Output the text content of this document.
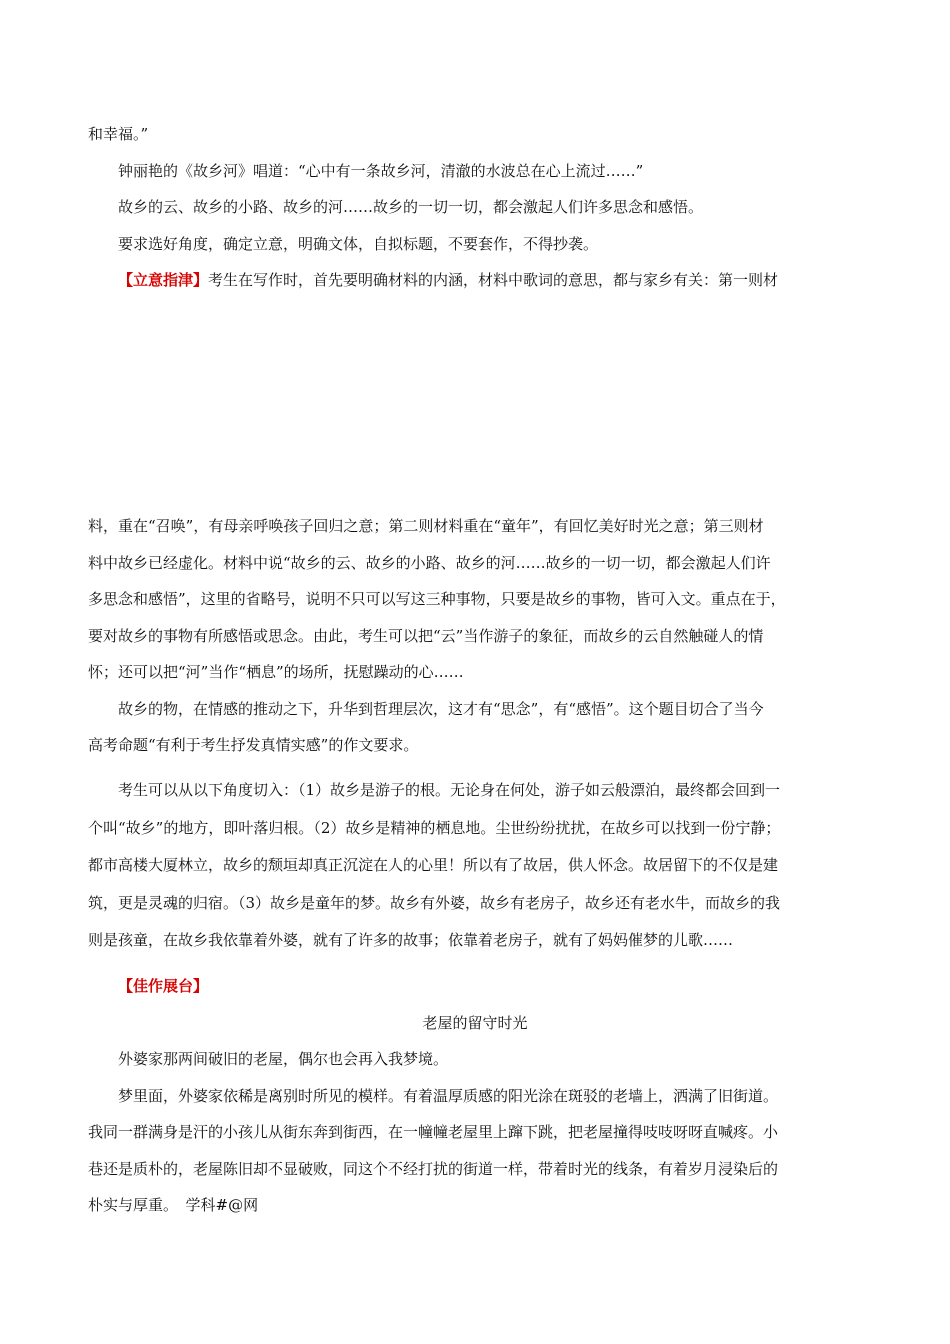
和幸福。”
钟丽艳的《故乡河》唱道：“心中有一条故乡河，清澈的水波总在心上流过……”
故乡的云、故乡的小路、故乡的河……故乡的一切一切，都会激起人们许多思念和感悟。
要求选好角度，确定立意，明确文体，自拟标题，不要套作，不得抄袭。
【立意指津】考生在写作时，首先要明确材料的内涵，材料中歌词的意思，都与家乡有关：第一则材
料，重在“召唤”，有母亲呼唤孩子回归之意；第二则材料重在“童年”，有回忆美好时光之意；第三则材
料中故乡已经虚化。材料中说“故乡的云、故乡的小路、故乡的河……故乡的一切一切，都会激起人们许
多思念和感悟”，这里的省略号，说明不只可以写这三种事物，只要是故乡的事物，皆可入文。重点在于，
要对故乡的事物有所感悟或思念。由此，考生可以把“云”当作游子的象征，而故乡的云自然触碰人的情
怀；还可以把“河”当作“栖息”的场所，抚慰躁动的心……
故乡的物，在情感的推动之下，升华到哲理层次，这才有“思念”，有“感悟”。这个题目切合了当今
高考命题“有利于考生抒发真情实感”的作文要求。
考生可以从以下角度切入：（1）故乡是游子的根。无论身在何处，游子如云般漂泊，最终都会回到一
个叫“故乡”的地方，即叶落归根。（2）故乡是精神的栖息地。尘世纷纷扰扰，在故乡可以找到一份宁静；
都市高楼大厦林立，故乡的颓垣却真正沉淀在人的心里！所以有了故居，供人怀念。故居留下的不仅是建
筑，更是灵魂的归宿。（3）故乡是童年的梦。故乡有外婆，故乡有老房子，故乡还有老水牛，而故乡的我
则是孩童，在故乡我依靠着外婆，就有了许多的故事；依靠着老房子，就有了妈妈催梦的儿歌……
【佳作展台】
老屋的留守时光
外婆家那两间破旧的老屋，偶尔也会再入我梦境。
梦里面，外婆家依稀是离别时所见的模样。有着温厚质感的阳光涂在斑驳的老墙上，洒满了旧街道。
我同一群满身是汗的小孩儿从街东奔到街西，在一幢幢老屋里上蹿下跳，把老屋撞得吱吱呀呀直喊疼。小
巷还是质朴的，老屋陈旧却不显破败，同这个不经打扰的街道一样，带着时光的线条，有着岁月浸染后的
朴实与厚重。　学科#@网
